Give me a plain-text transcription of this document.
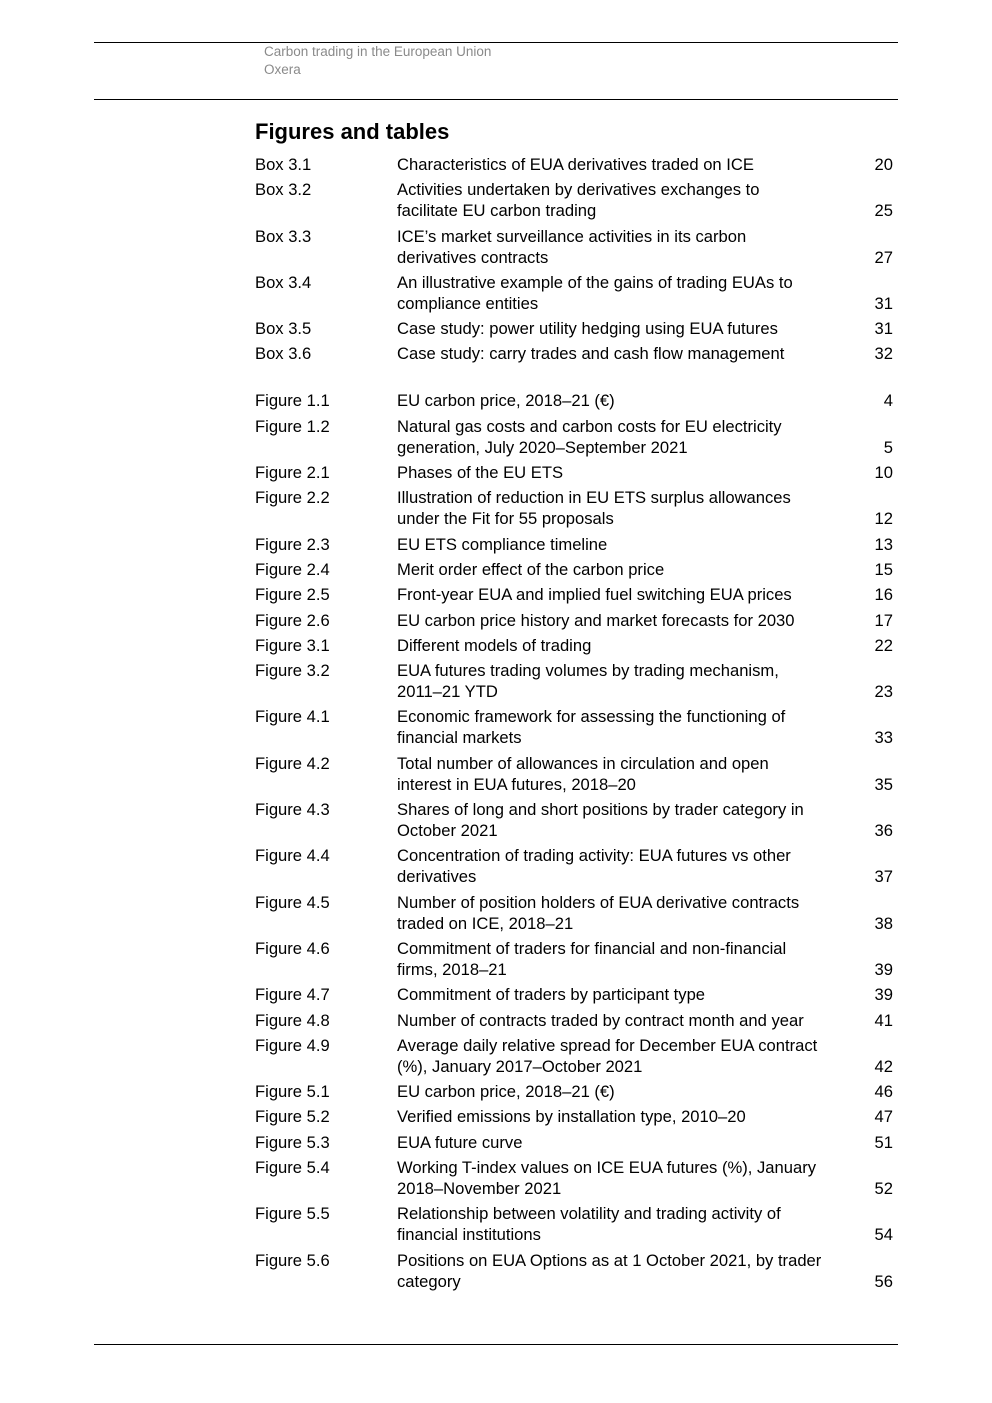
Carbon trading in the European Union
Oxera
Figures and tables
Box 3.1	Characteristics of EUA derivatives traded on ICE	20
Box 3.2	Activities undertaken by derivatives exchanges to
facilitate EU carbon trading	25
Box 3.3	ICE’s market surveillance activities in its carbon
derivatives contracts	27
Box 3.4	An illustrative example of the gains of trading EUAs to
compliance entities	31
Box 3.5	Case study: power utility hedging using EUA futures	31
Box 3.6	Case study: carry trades and cash flow management	32
Figure 1.1	EU carbon price, 2018–21 (€)	4
Figure 1.2	Natural gas costs and carbon costs for EU electricity
generation, July 2020–September 2021	5
Figure 2.1	Phases of the EU ETS	10
Figure 2.2	Illustration of reduction in EU ETS surplus allowances
under the Fit for 55 proposals	12
Figure 2.3	EU ETS compliance timeline	13
Figure 2.4	Merit order effect of the carbon price	15
Figure 2.5	Front-year EUA and implied fuel switching EUA prices	16
Figure 2.6	EU carbon price history and market forecasts for 2030	17
Figure 3.1	Different models of trading	22
Figure 3.2	EUA futures trading volumes by trading mechanism,
2011–21 YTD	23
Figure 4.1	Economic framework for assessing the functioning of
financial markets	33
Figure 4.2	Total number of allowances in circulation and open
interest in EUA futures, 2018–20	35
Figure 4.3	Shares of long and short positions by trader category in
October 2021	36
Figure 4.4	Concentration of trading activity: EUA futures vs other
derivatives	37
Figure 4.5	Number of position holders of EUA derivative contracts
traded on ICE, 2018–21	38
Figure 4.6	Commitment of traders for financial and non-financial
firms, 2018–21	39
Figure 4.7	Commitment of traders by participant type	39
Figure 4.8	Number of contracts traded by contract month and year	41
Figure 4.9	Average daily relative spread for December EUA contract
(%), January 2017–October 2021	42
Figure 5.1	EU carbon price, 2018–21 (€)	46
Figure 5.2	Verified emissions by installation type, 2010–20	47
Figure 5.3	EUA future curve	51
Figure 5.4	Working T-index values on ICE EUA futures (%), January
2018–November 2021	52
Figure 5.5	Relationship between volatility and trading activity of
financial institutions	54
Figure 5.6	Positions on EUA Options as at 1 October 2021, by trader
category	56
